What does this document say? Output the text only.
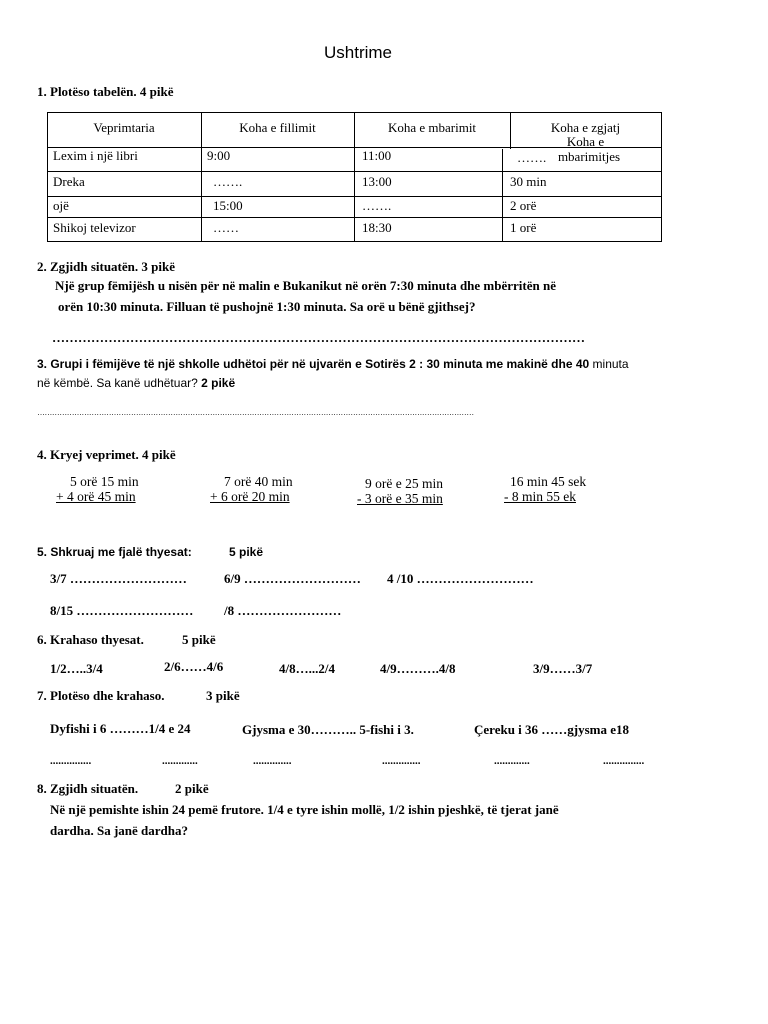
Ushtrime
1. Plotëso tabelën. 4 pikë
Veprimtaria	Koha e fillimit	Koha e mbarimit	Koha e zgjatj
Koha e
mbarimitjes
Lexim i një libri	9:00	11:00	…….
Dreka	…….	13:00	30 min
ojë	15:00	…….	2 orë
Shikoj televizor	……	18:30	1 orë
2. Zgjidh situatën. 3 pikë
Një grup fëmijësh u nisën për në malin e Bukanikut në orën 7:30 minuta dhe mbërritën në
orën 10:30 minuta. Filluan të pushojnë 1:30 minuta. Sa orë u bënë gjithsej?
……………………………………………………………………………………………………………
3. Grupi i fëmijëve të një shkolle udhëtoi për në ujvarën e Sotirës 2 : 30 minuta me makinë dhe 40 minuta
në këmbë. Sa kanë udhëtuar? 2 pikë
……………………………………………………………………………………………………………………………………………………………
4. Kryej veprimet. 4 pikë
5 orë 15 min
+ 4 orë 45 min
7 orë 40 min
+ 6 orë 20 min
9 orë e 25 min
- 3 orë e 35 min
16 min 45 sek
- 8 min 55 ek
5. Shkruaj me fjalë thyesat:	5 pikë
3/7 ………………………	6/9 ……………………… 4 /10 ………………………
8/15 ……………………… /8 ……………………
6. Krahaso thyesat.	5 pikë
1/2…..3/4	2/6……4/6	4/8…...2/4	4/9……….4/8	3/9……3/7
7. Plotëso dhe krahaso.	3 pikë
Dyfishi i 6 ………1/4 e 24	Gjysma e 30……….. 5-fishi i 3.	Çereku i 36 ……gjysma e18
...............	.............	..............	..............	.............	...............
8. Zgjidh situatën.	2 pikë
Në një pemishte ishin 24 pemë frutore. 1/4 e tyre ishin mollë, 1/2 ishin pjeshkë, të tjerat janë
dardha. Sa janë dardha?
